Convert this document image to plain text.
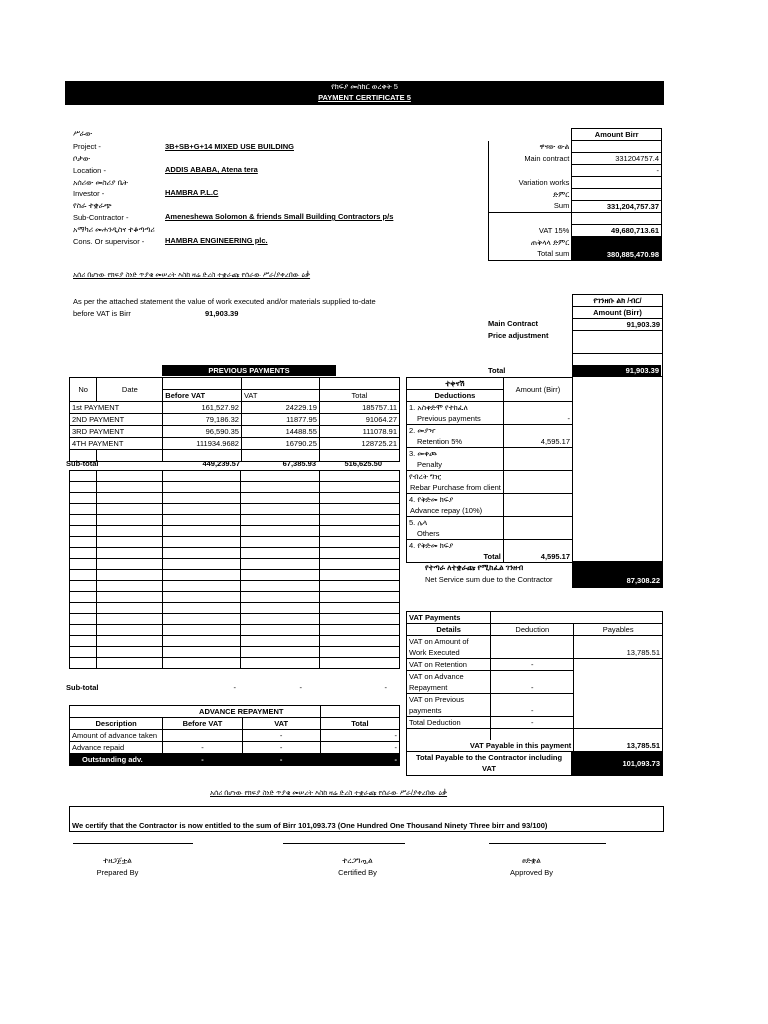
የክፍያ መስክር ወረቀት 5
PAYMENT CERTIFICATE 5
ሥራው
Project -	3B+SB+G+14 MIXED USE BUILDING
ቦታው
Location -	ADDIS ABABA, Atena tera
አሰሪው መስሪያ ቤት
Investor -	HAMBRA P.L.C
የስራ ተቋራጭ
Sub-Contractor -	Ameneshewa Solomon & friends Small Building Contractors p/s
አማካሪ መሐንዲስና ተቆጣጣሪ
Cons. Or supervisor -	HAMBRA ENGINEERING plc.
	Amount Birr
ዋናው ውል	
Main contract	331204757.4
	-
Variation works	
ድምር	
Sum	331,204,757.37

VAT 15%	49,680,713.61
ጠቅላላ ድምር	
Total sum	380,885,470.98
አሰሪ በሆነው የክፍያ ስነድ ጥያቄ መሠረት እስከ ዛሬ ድረስ ተቋራጩ የሰራው ሥራ/ያቀረበው ዕቃ
As per the attached statement the value of work executed and/or materials supplied to-date
before VAT is Birr	91,903.39
Main Contract
Price adjustment
የገንዘቡ ልክ /ብር/
Amount (Birr)
91,903.39

Total	91,903.39
PREVIOUS PAYMENTS
No	Date			
		Before VAT	VAT	Total
1st PAYMENT		161,527.92	24229.19	185757.11
2ND PAYMENT		79,186.32	11877.95	91064.27
3RD PAYMENT		96,590.35	14488.55	111078.91
4TH PAYMENT		111934.9682	16790.25	128725.21

Sub-total	449,239.57	67,385.93	516,625.50

Sub-total	-	-	-
ተቀናሽ	Amount (Birr)
Deductions	
1. አስቀድሞ የተከፈለ	
Previous payments	-
2. መያዣ	
Retention 5%	4,595.17
3. መቀጮ	
Penalty	
የብረት ግዢ	
Rebar Purchase from client	
4. የቅድመ ክፍያ	
Advance repay (10%)	
5. ሌላ	
Others	
4. የቅድመ ክፍያ	
Total	4,595.17
የተጣራ ለተቋራጩ የሚከፈል ገንዘብ
Net Service sum due to the Contractor	87,308.22
VAT Payments		
Details	Deduction	Payables
VAT on Amount of		
Work Executed		13,785.51
VAT on Retention	-	
VAT on Advance		
Repayment	-	
VAT on Previous		
payments	-	
Total Deduction	-	

VAT Payable in this payment		13,785.51
Total Payable to the Contractor including
VAT
101,093.73
	ADVANCE REPAYMENT		
Description	Before VAT	VAT	Total
Amount of advance taken		-	-
Advance repaid	-	-	-
Outstanding adv.	-	-	-
አሰሪ በሆነው የክፍያ ስነድ ጥያቄ መሠረት እስከ ዛሬ ድረስ ተቋራጩ የሰራው ሥራ/ያቀረበው ዕቃ
We certify that the Contractor is now entitled to the sum of Birr 101,093.73 (One Hundred One Thousand Ninety Three birr and 93/100)
ተዘጋጀቷል
Prepared By
ተረጋግጧል
Certified By
ፀድቋል
Approved By
